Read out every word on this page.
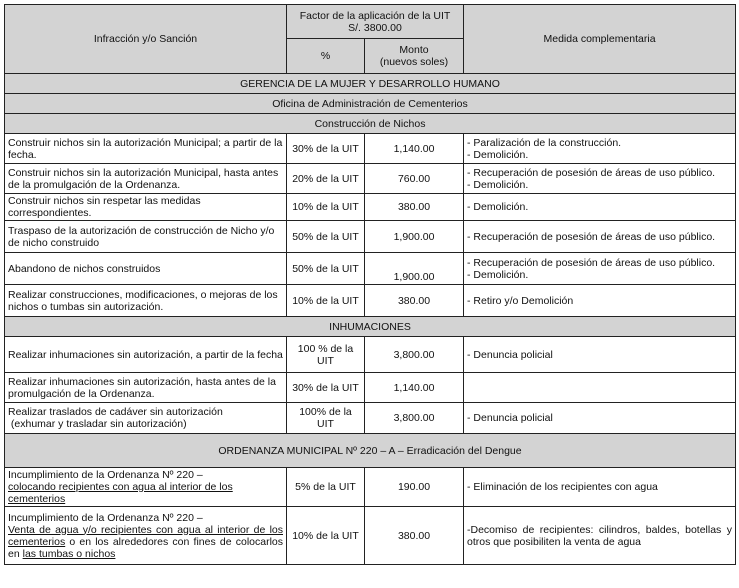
Infracción y/o Sanción	Factor de la aplicación de la UIT
S/. 3800.00		Medida complementaria
	%	Monto
(nuevos soles)	

GERENCIA DE LA MUJER Y DESARROLLO HUMANO			
Oficina de Administración de Cementerios			
Construcción de Nichos			
Construir nichos sin la autorización Municipal; a partir de la fecha.	30% de la UIT	1,140.00	- Paralización de la construcción.
- Demolición.

Construir nichos sin la autorización Municipal, hasta antes de la promulgación de la Ordenanza.	20% de la UIT	760.00	- Recuperación de posesión de áreas de uso público.
- Demolición.

Construir nichos sin respetar las medidas correspondientes.	10% de la UIT	380.00	- Demolición.

Traspaso de la autorización de construcción de Nicho y/o de nicho construido	50% de la UIT	1,900.00	- Recuperación de posesión de áreas de uso público.

Abandono de nichos construidos	50% de la UIT	1,900.00	- Recuperación de posesión de áreas de uso público.
- Demolición.

Realizar construcciones, modificaciones, o mejoras de los nichos o tumbas sin autorización.	10% de la UIT	380.00	- Retiro y/o Demolición

INHUMACIONES			
Realizar inhumaciones sin autorización, a partir de la fecha	100 % de la UIT	3,800.00	- Denuncia policial

Realizar inhumaciones sin autorización, hasta antes de la promulgación de la Ordenanza.	30% de la UIT	1,140.00	

Realizar traslados de cadáver sin autorización
(exhumar y trasladar sin autorización)	100% de la UIT	3,800.00	- Denuncia policial

ORDENANZA MUNICIPAL Nº 220 – A – Erradicación del Dengue			

Incumplimiento de la Ordenanza Nº 220 –
colocando recipientes con agua al interior de los cementerios	5% de la UIT	190.00	- Eliminación de los recipientes con agua

Incumplimiento de la Ordenanza Nº 220 –
Venta de agua y/o recipientes con agua al interior de los cementerios o en los alrededores con fines de colocarlos en las tumbas o nichos	10% de la UIT	380.00	-Decomiso de recipientes: cilindros, baldes, botellas y otros que posibiliten la venta de agua
